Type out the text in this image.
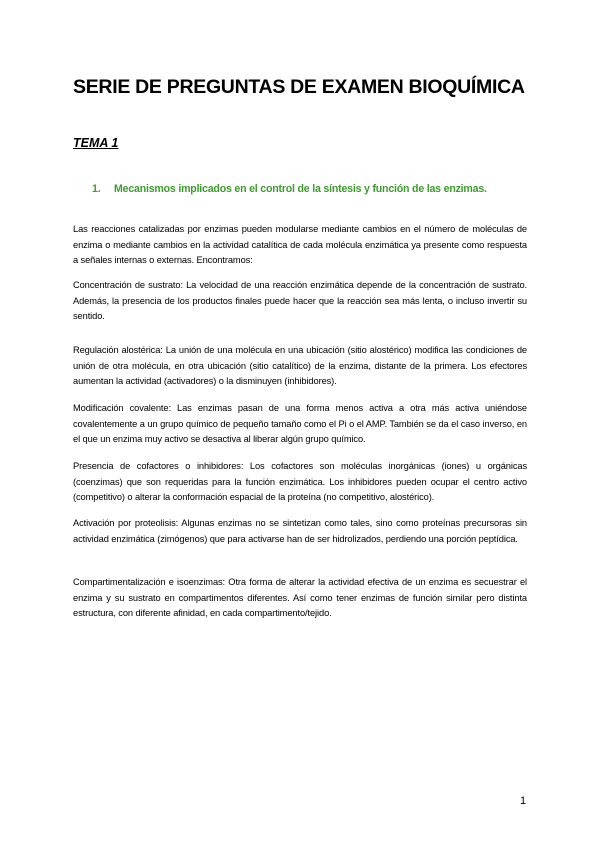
SERIE DE PREGUNTAS DE EXAMEN BIOQUÍMICA
TEMA 1
1. Mecanismos implicados en el control de la síntesis y función de las enzimas.

Las reacciones catalizadas por enzimas pueden modularse mediante cambios en el número de moléculas de enzima o mediante cambios en la actividad catalítica de cada molécula enzimática ya presente como respuesta a señales internas o externas. Encontramos:

Concentración de sustrato: La velocidad de una reacción enzimática depende de la concentración de sustrato. Además, la presencia de los productos finales puede hacer que la reacción sea más lenta, o incluso invertir su sentido.

Regulación alostérica: La unión de una molécula en una ubicación (sitio alostérico) modifica las condiciones de unión de otra molécula, en otra ubicación (sitio catalítico) de la enzima, distante de la primera. Los efectores aumentan la actividad (activadores) o la disminuyen (inhibidores).

Modificación covalente: Las enzimas pasan de una forma menos activa a otra más activa uniéndose covalentemente a un grupo químico de pequeño tamaño como el Pi o el AMP. También se da el caso inverso, en el que un enzima muy activo se desactiva al liberar algún grupo químico.

Presencia de cofactores o inhibidores: Los cofactores son moléculas inorgánicas (iones) u orgánicas (coenzimas) que son requeridas para la función enzimática. Los inhibidores pueden ocupar el centro activo (competitivo) o alterar la conformación espacial de la proteína (no competitivo, alostérico).

Activación por proteolisis: Algunas enzimas no se sintetizan como tales, sino como proteínas precursoras sin actividad enzimática (zimógenos) que para activarse han de ser hidrolizados, perdiendo una porción peptídica.

Compartimentalización e isoenzimas: Otra forma de alterar la actividad efectiva de un enzima es secuestrar el enzima y su sustrato en compartimentos diferentes. Así como tener enzimas de función similar pero distinta estructura, con diferente afinidad, en cada compartimento/tejido.

1
